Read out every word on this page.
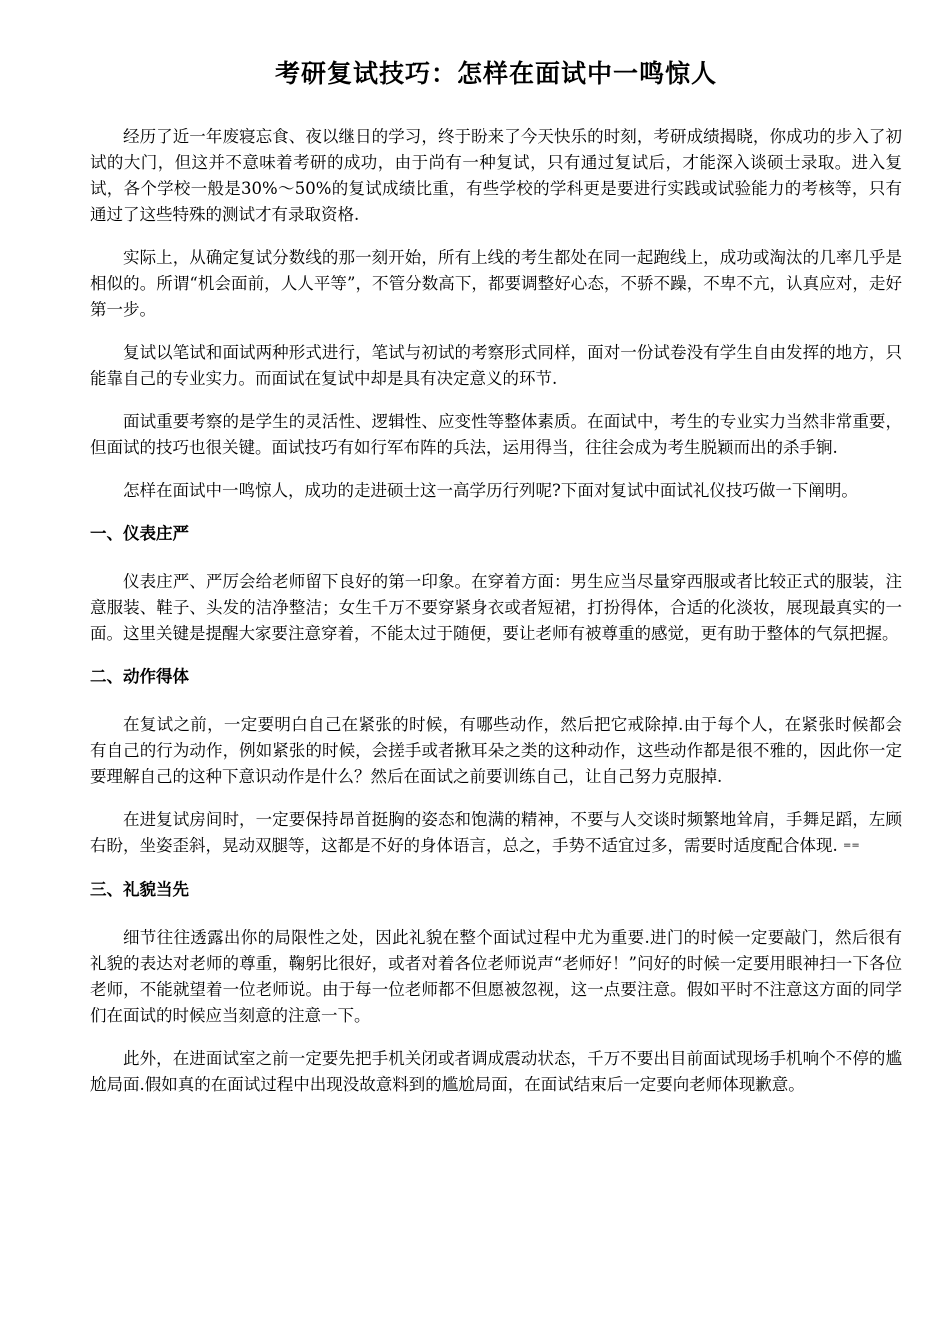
考研复试技巧：怎样在面试中一鸣惊人

经历了近一年废寝忘食、夜以继日的学习，终于盼来了今天快乐的时刻，考研成绩揭晓，你成功的步入了初试的大门，但这并不意味着考研的成功，由于尚有一种复试，只有通过复试后，才能深入谈硕士录取。进入复试，各个学校一般是30%～50%的复试成绩比重，有些学校的学科更是要进行实践或试验能力的考核等，只有通过了这些特殊的测试才有录取资格.

实际上，从确定复试分数线的那一刻开始，所有上线的考生都处在同一起跑线上，成功或淘汰的几率几乎是相似的。所谓“机会面前，人人平等”，不管分数高下，都要调整好心态，不骄不躁，不卑不亢，认真应对，走好第一步。

复试以笔试和面试两种形式进行，笔试与初试的考察形式同样，面对一份试卷没有学生自由发挥的地方，只能靠自己的专业实力。而面试在复试中却是具有决定意义的环节.

面试重要考察的是学生的灵活性、逻辑性、应变性等整体素质。在面试中，考生的专业实力当然非常重要，但面试的技巧也很关键。面试技巧有如行军布阵的兵法，运用得当，往往会成为考生脱颖而出的杀手锏.

怎样在面试中一鸣惊人，成功的走进硕士这一高学历行列呢?下面对复试中面试礼仪技巧做一下阐明。

一、仪表庄严

仪表庄严、严厉会给老师留下良好的第一印象。在穿着方面：男生应当尽量穿西服或者比较正式的服装，注意服装、鞋子、头发的洁净整洁；女生千万不要穿紧身衣或者短裙，打扮得体，合适的化淡妆，展现最真实的一面。这里关键是提醒大家要注意穿着，不能太过于随便，要让老师有被尊重的感觉，更有助于整体的气氛把握。

二、动作得体

在复试之前，一定要明白自己在紧张的时候，有哪些动作，然后把它戒除掉.由于每个人，在紧张时候都会有自己的行为动作，例如紧张的时候，会搓手或者揪耳朵之类的这种动作，这些动作都是很不雅的，因此你一定要理解自己的这种下意识动作是什么？然后在面试之前要训练自己，让自己努力克服掉.

在进复试房间时，一定要保持昂首挺胸的姿态和饱满的精神，不要与人交谈时频繁地耸肩，手舞足蹈，左顾右盼，坐姿歪斜，晃动双腿等，这都是不好的身体语言，总之，手势不适宜过多，需要时适度配合体现. ==

三、礼貌当先

细节往往透露出你的局限性之处，因此礼貌在整个面试过程中尤为重要.进门的时候一定要敲门，然后很有礼貌的表达对老师的尊重，鞠躬比很好，或者对着各位老师说声“老师好！”问好的时候一定要用眼神扫一下各位老师，不能就望着一位老师说。由于每一位老师都不但愿被忽视，这一点要注意。假如平时不注意这方面的同学们在面试的时候应当刻意的注意一下。

此外，在进面试室之前一定要先把手机关闭或者调成震动状态，千万不要出目前面试现场手机响个不停的尴尬局面.假如真的在面试过程中出现没故意料到的尴尬局面，在面试结束后一定要向老师体现歉意。
